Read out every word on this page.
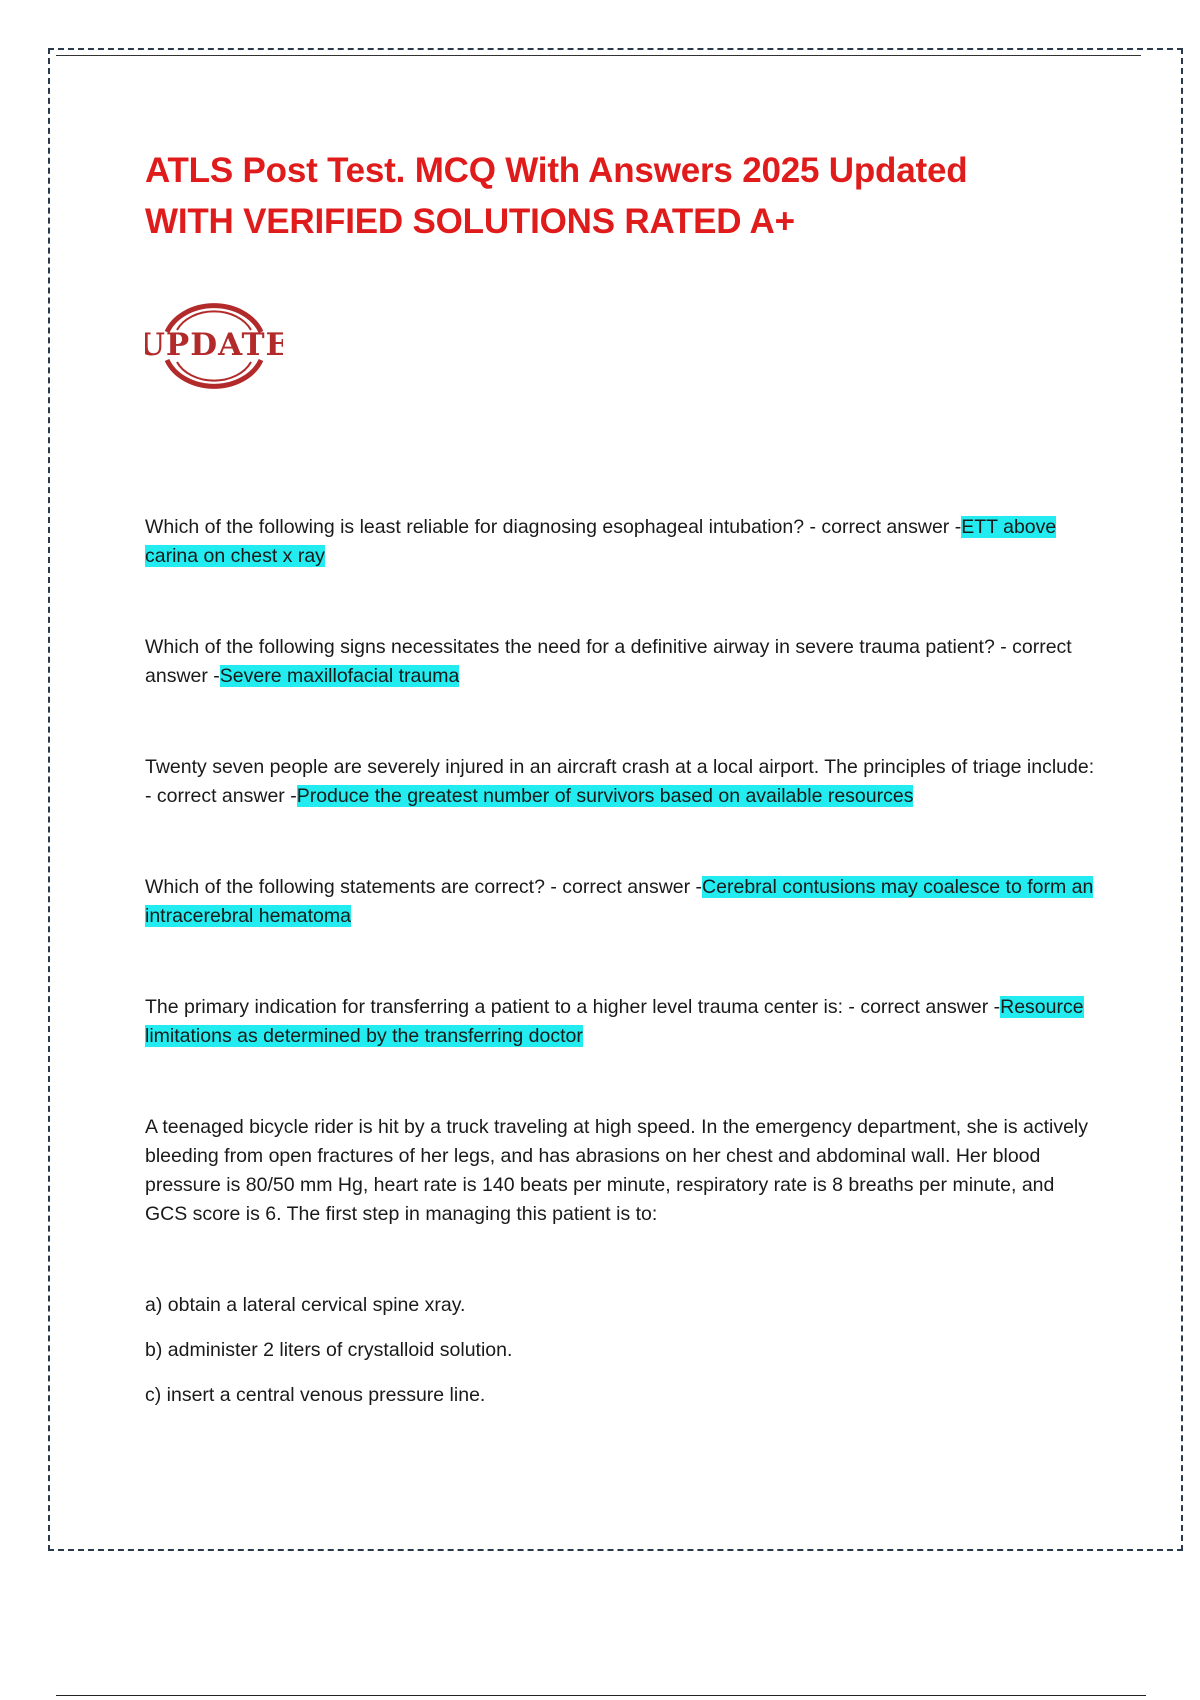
ATLS Post Test. MCQ With Answers 2025 Updated
WITH VERIFIED SOLUTIONS RATED A+
UPDATE

Which of the following is least reliable for diagnosing esophageal intubation? - correct answer -ETT above carina on chest x ray

Which of the following signs necessitates the need for a definitive airway in severe trauma patient? - correct answer -Severe maxillofacial trauma

Twenty seven people are severely injured in an aircraft crash at a local airport. The principles of triage include: - correct answer -Produce the greatest number of survivors based on available resources

Which of the following statements are correct? - correct answer -Cerebral contusions may coalesce to form an intracerebral hematoma

The primary indication for transferring a patient to a higher level trauma center is: - correct answer -Resource limitations as determined by the transferring doctor

A teenaged bicycle rider is hit by a truck traveling at high speed. In the emergency department, she is actively bleeding from open fractures of her legs, and has abrasions on her chest and abdominal wall. Her blood pressure is 80/50 mm Hg, heart rate is 140 beats per minute, respiratory rate is 8 breaths per minute, and GCS score is 6. The first step in managing this patient is to:

a) obtain a lateral cervical spine xray.
b) administer 2 liters of crystalloid solution.
c) insert a central venous pressure line.
